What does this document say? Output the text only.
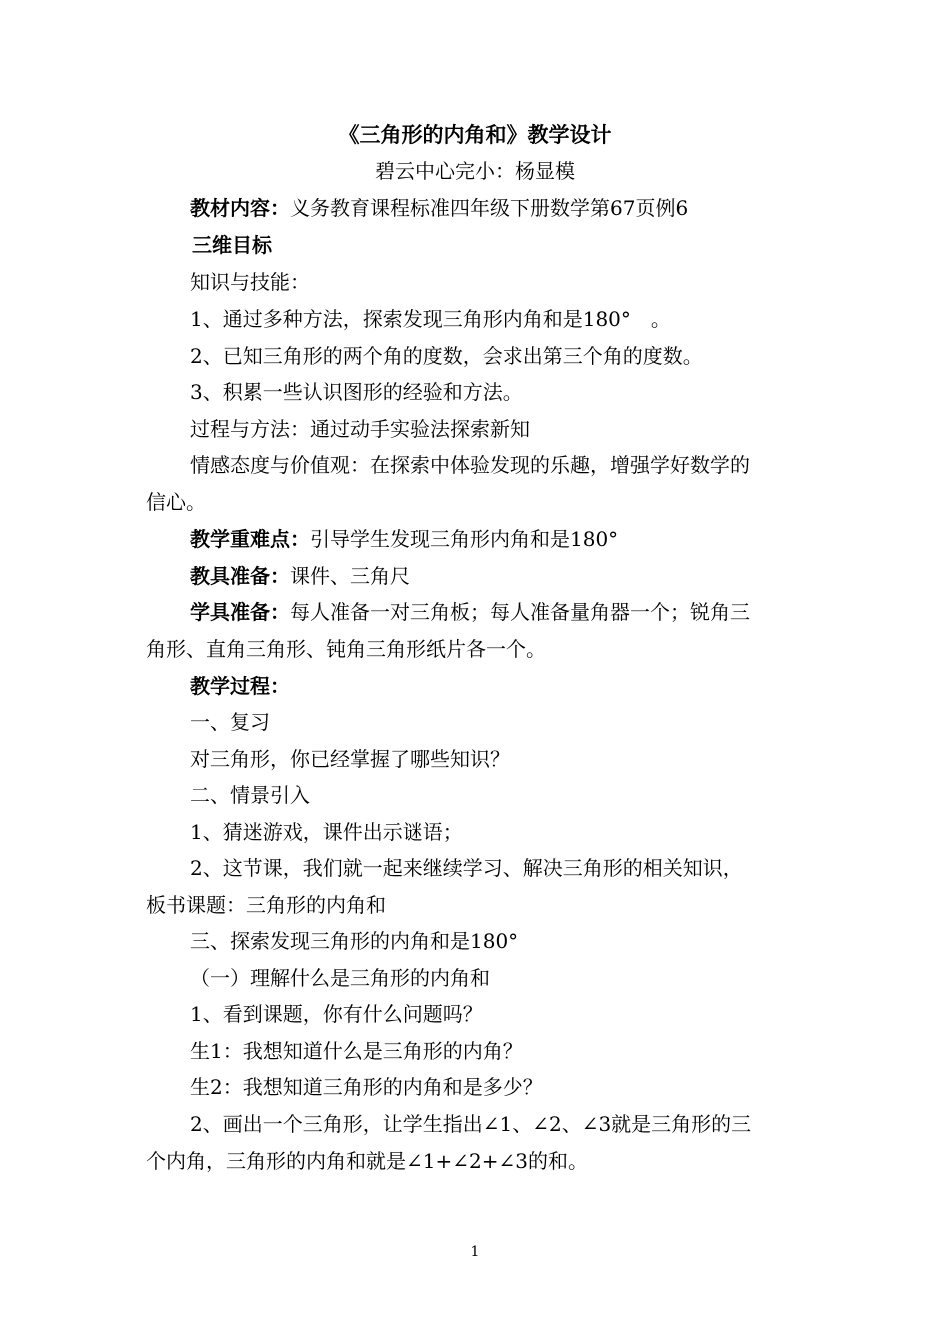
《三角形的内角和》教学设计
碧云中心完小：杨显模
教材内容：义务教育课程标准四年级下册数学第67页例6
三维目标
知识与技能：
1、通过多种方法，探索发现三角形内角和是180°　。
2、已知三角形的两个角的度数，会求出第三个角的度数。
3、积累一些认识图形的经验和方法。
过程与方法：通过动手实验法探索新知
情感态度与价值观：在探索中体验发现的乐趣，增强学好数学的
信心。
教学重难点：引导学生发现三角形内角和是180°
教具准备：课件、三角尺
学具准备：每人准备一对三角板；每人准备量角器一个；锐角三
角形、直角三角形、钝角三角形纸片各一个。
教学过程：
一、复习
对三角形，你已经掌握了哪些知识？
二、情景引入
1、猜迷游戏，课件出示谜语；
2、这节课，我们就一起来继续学习、解决三角形的相关知识，
板书课题：三角形的内角和
三、探索发现三角形的内角和是180°
（一）理解什么是三角形的内角和
1、看到课题，你有什么问题吗？
生1：我想知道什么是三角形的内角？
生2：我想知道三角形的内角和是多少？
2、画出一个三角形，让学生指出∠1、∠2、∠3就是三角形的三
个内角，三角形的内角和就是∠1+∠2+∠3的和。
1
